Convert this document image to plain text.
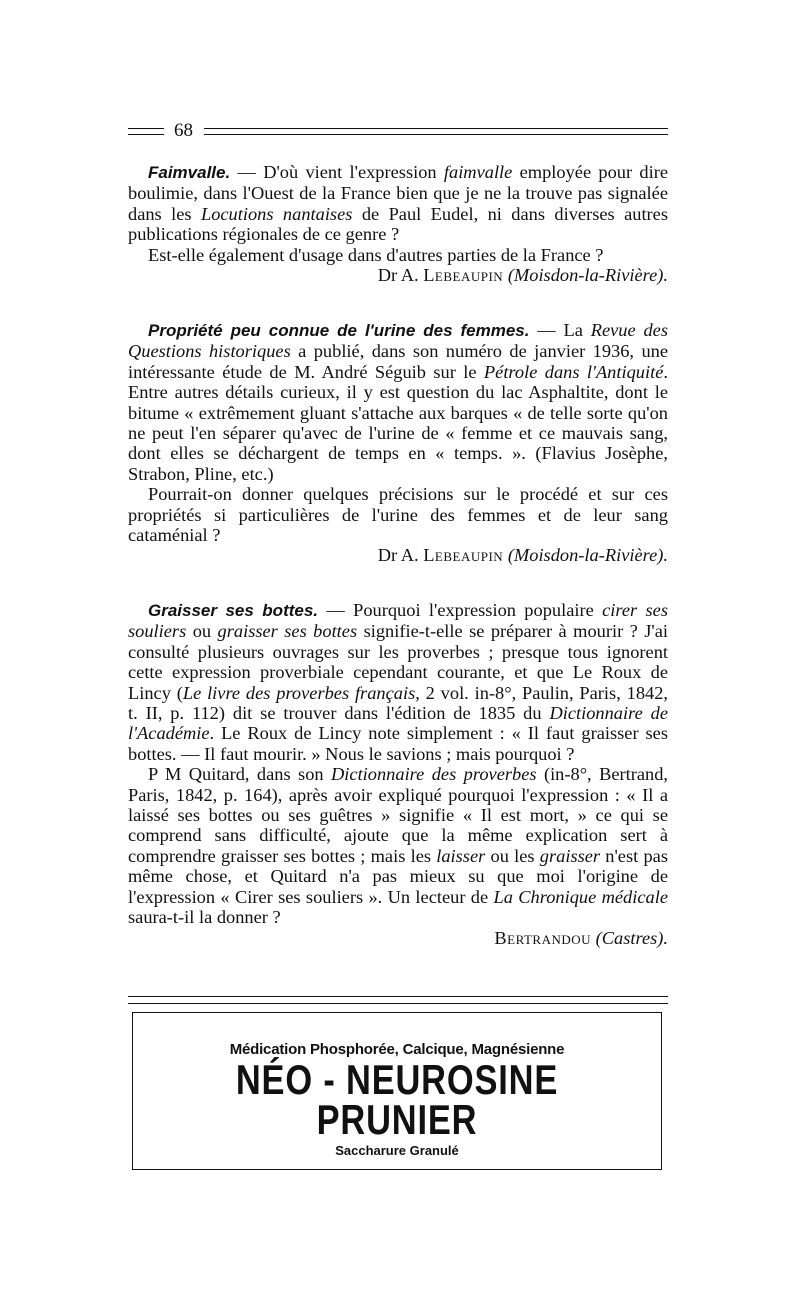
68

Faimvalle. — D'où vient l'expression faimvalle employée pour dire boulimie, dans l'Ouest de la France bien que je ne la trouve pas signalée dans les Locutions nantaises de Paul Eudel, ni dans diverses autres publications régionales de ce genre ?

Est-elle également d'usage dans d'autres parties de la France ?

Dr A. Lebeaupin (Moisdon-la-Rivière).

Propriété peu connue de l'urine des femmes. — La Revue des Questions historiques a publié, dans son numéro de janvier 1936, une intéressante étude de M. André Séguib sur le Pétrole dans l'Antiquité. Entre autres détails curieux, il y est question du lac Asphaltite, dont le bitume « extrêmement gluant s'attache aux barques « de telle sorte qu'on ne peut l'en séparer qu'avec de l'urine de « femme et ce mauvais sang, dont elles se déchargent de temps en « temps. ». (Flavius Josèphe, Strabon, Pline, etc.)

Pourrait-on donner quelques précisions sur le procédé et sur ces propriétés si particulières de l'urine des femmes et de leur sang cataménial ?

Dr A. Lebeaupin (Moisdon-la-Rivière).

Graisser ses bottes. — Pourquoi l'expression populaire cirer ses souliers ou graisser ses bottes signifie-t-elle se préparer à mourir ? J'ai consulté plusieurs ouvrages sur les proverbes ; presque tous ignorent cette expression proverbiale cependant courante, et que Le Roux de Lincy (Le livre des proverbes français, 2 vol. in-8°, Paulin, Paris, 1842, t. II, p. 112) dit se trouver dans l'édition de 1835 du Dictionnaire de l'Académie. Le Roux de Lincy note simplement : « Il faut graisser ses bottes. — Il faut mourir. » Nous le savions ; mais pourquoi ?

P M Quitard, dans son Dictionnaire des proverbes (in-8°, Bertrand, Paris, 1842, p. 164), après avoir expliqué pourquoi l'expression : « Il a laissé ses bottes ou ses guêtres » signifie « Il est mort, » ce qui se comprend sans difficulté, ajoute que la même explication sert à comprendre graisser ses bottes ; mais les laisser ou les graisser n'est pas même chose, et Quitard n'a pas mieux su que moi l'origine de l'expression « Cirer ses souliers ». Un lecteur de La Chronique médicale saura-t-il la donner ?

Bertrandou (Castres).

Médication Phosphorée, Calcique, Magnésienne
NÉO - NEUROSINE
PRUNIER
Saccharure Granulé
